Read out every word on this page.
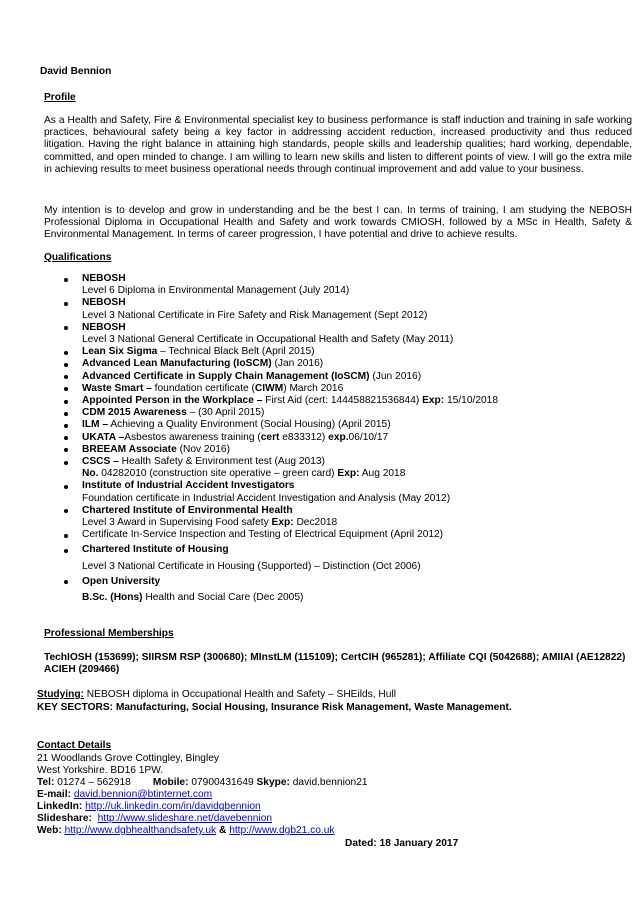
David Bennion
Profile
As a Health and Safety, Fire & Environmental specialist key to business performance is staff induction and training in safe working practices, behavioural safety being a key factor in addressing accident reduction, increased productivity and thus reduced litigation. Having the right balance in attaining high standards, people skills and leadership qualities; hard working, dependable, committed, and open minded to change. I am willing to learn new skills and listen to different points of view. I will go the extra mile in achieving results to meet business operational needs through continual improvement and add value to your business.
My intention is to develop and grow in understanding and be the best I can. In terms of training, I am studying the NEBOSH Professional Diploma in Occupational Health and Safety and work towards CMIOSH, followed by a MSc in Health, Safety & Environmental Management. In terms of career progression, I have potential and drive to achieve results.
Qualifications
NEBOSH
Level 6 Diploma in Environmental Management (July 2014)
NEBOSH
Level 3 National Certificate in Fire Safety and Risk Management (Sept 2012)
NEBOSH
Level 3 National General Certificate in Occupational Health and Safety (May 2011)
Lean Six Sigma – Technical Black Belt (April 2015)
Advanced Lean Manufacturing (IoSCM) (Jan 2016)
Advanced Certificate in Supply Chain Management (IoSCM) (Jun 2016)
Waste Smart – foundation certificate (CIWM) March 2016
Appointed Person in the Workplace – First Aid (cert: 144458821536844) Exp: 15/10/2018
CDM 2015 Awareness – (30 April 2015)
ILM – Achieving a Quality Environment (Social Housing) (April 2015)
UKATA –Asbestos awareness training (cert e833312) exp.06/10/17
BREEAM Associate (Nov 2016)
CSCS – Health Safety & Environment test (Aug 2013)
No. 04282010 (construction site operative – green card) Exp: Aug 2018
Institute of Industrial Accident Investigators
Foundation certificate in Industrial Accident Investigation and Analysis (May 2012)
Chartered Institute of Environmental Health
Level 3 Award in Supervising Food safety Exp: Dec2018
Certificate In-Service Inspection and Testing of Electrical Equipment (April 2012)
Chartered Institute of Housing
Level 3 National Certificate in Housing (Supported) – Distinction (Oct 2006)
Open University
B.Sc. (Hons) Health and Social Care (Dec 2005)
Professional Memberships
TechIOSH (153699); SIIRSM RSP (300680); MInstLM (115109); CertCIH (965281); Affiliate CQI (5042688); AMIIAI (AE12822) ACIEH (209466)
Studying: NEBOSH diploma in Occupational Health and Safety – SHEilds, Hull
KEY SECTORS: Manufacturing, Social Housing, Insurance Risk Management, Waste Management.
Contact Details
21 Woodlands Grove Cottingley, Bingley
West Yorkshire. BD16 1PW.
Tel: 01274 – 562918 Mobile: 07900431649 Skype: david.bennion21
E-mail: david.bennion@btinternet.com
LinkedIn: http://uk.linkedin.com/in/davidgbennion
Slideshare: http://www.slideshare.net/davebennion
Web: http://www.dgbhealthandsafety.uk & http://www.dgb21.co.uk
Dated: 18 January 2017
